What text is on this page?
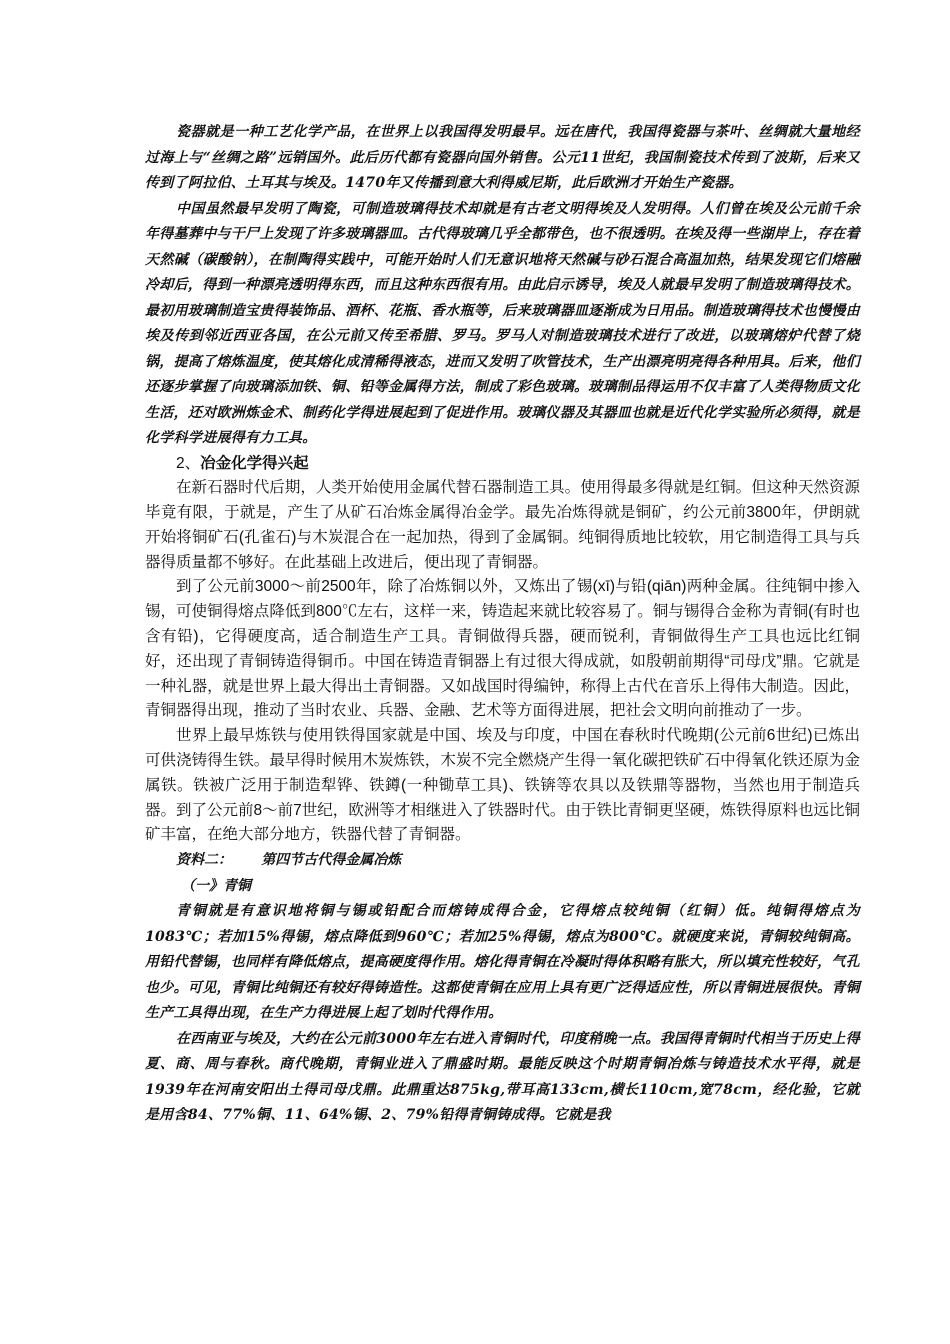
瓷器就是一种工艺化学产品，在世界上以我国得发明最早。远在唐代，我国得瓷器与茶叶、丝绸就大量地经过海上与“丝绸之路”远销国外。此后历代都有瓷器向国外销售。公元11世纪，我国制瓷技术传到了波斯，后来又传到了阿拉伯、土耳其与埃及。1470年又传播到意大利得威尼斯，此后欧洲才开始生产瓷器。

中国虽然最早发明了陶瓷，可制造玻璃得技术却就是有古老文明得埃及人发明得。人们曾在埃及公元前千余年得墓葬中与干尸上发现了许多玻璃器皿。古代得玻璃几乎全都带色，也不很透明。在埃及得一些湖岸上，存在着天然碱（碳酸钠），在制陶得实践中，可能开始时人们无意识地将天然碱与砂石混合高温加热，结果发现它们熔融冷却后，得到一种漂亮透明得东西，而且这种东西很有用。由此启示诱导，埃及人就最早发明了制造玻璃得技术。最初用玻璃制造宝贵得装饰品、酒杯、花瓶、香水瓶等，后来玻璃器皿逐渐成为日用品。制造玻璃得技术也慢慢由埃及传到邻近西亚各国，在公元前又传至希腊、罗马。罗马人对制造玻璃技术进行了改进，以玻璃熔炉代替了烧锅，提高了熔炼温度，使其熔化成清稀得液态，进而又发明了吹管技术，生产出漂亮明亮得各种用具。后来，他们还逐步掌握了向玻璃添加铁、铜、铅等金属得方法，制成了彩色玻璃。玻璃制品得运用不仅丰富了人类得物质文化生活，还对欧洲炼金术、制药化学得进展起到了促进作用。玻璃仪器及其器皿也就是近代化学实验所必须得，就是化学科学进展得有力工具。

2、冶金化学得兴起

在新石器时代后期，人类开始使用金属代替石器制造工具。使用得最多得就是红铜。但这种天然资源毕竟有限，于就是，产生了从矿石冶炼金属得冶金学。最先冶炼得就是铜矿，约公元前3800年，伊朗就开始将铜矿石(孔雀石)与木炭混合在一起加热，得到了金属铜。纯铜得质地比较软，用它制造得工具与兵器得质量都不够好。在此基础上改进后，便出现了青铜器。

到了公元前3000～前2500年，除了冶炼铜以外，又炼出了锡(xī)与铅(qiān)两种金属。往纯铜中掺入锡，可使铜得熔点降低到800℃左右，这样一来，铸造起来就比较容易了。铜与锡得合金称为青铜(有时也含有铅)，它得硬度高，适合制造生产工具。青铜做得兵器，硬而锐利，青铜做得生产工具也远比红铜好，还出现了青铜铸造得铜币。中国在铸造青铜器上有过很大得成就，如殷朝前期得“司母戊”鼎。它就是一种礼器，就是世界上最大得出土青铜器。又如战国时得编钟，称得上古代在音乐上得伟大制造。因此，青铜器得出现，推动了当时农业、兵器、金融、艺术等方面得进展，把社会文明向前推动了一步。

世界上最早炼铁与使用铁得国家就是中国、埃及与印度，中国在春秋时代晚期(公元前6世纪)已炼出可供浇铸得生铁。最早得时候用木炭炼铁，木炭不完全燃烧产生得一氧化碳把铁矿石中得氧化铁还原为金属铁。铁被广泛用于制造犁铧、铁鐏(一种锄草工具)、铁锛等农具以及铁鼎等器物，当然也用于制造兵器。到了公元前8～前7世纪，欧洲等才相继进入了铁器时代。由于铁比青铜更坚硬，炼铁得原料也远比铜矿丰富，在绝大部分地方，铁器代替了青铜器。

资料二： 第四节古代得金属冶炼

（一》青铜

青铜就是有意识地将铜与锡或铅配合而熔铸成得合金，它得熔点较纯铜（红铜）低。纯铜得熔点为1083℃；若加15%得锡，熔点降低到960℃；若加25%得锡，熔点为800℃。就硬度来说，青铜较纯铜高。用铅代替锡，也同样有降低熔点，提高硬度得作用。熔化得青铜在冷凝时得体积略有胀大，所以填充性较好，气孔也少。可见，青铜比纯铜还有较好得铸造性。这都使青铜在应用上具有更广泛得适应性，所以青铜进展很快。青铜生产工具得出现，在生产力得进展上起了划时代得作用。

在西南亚与埃及，大约在公元前3000年左右进入青铜时代，印度稍晚一点。我国得青铜时代相当于历史上得夏、商、周与春秋。商代晚期，青铜业进入了鼎盛时期。最能反映这个时期青铜冶炼与铸造技术水平得，就是1939年在河南安阳出土得司母戊鼎。此鼎重达875kg,带耳高133cm,横长110cm,宽78cm，经化验，它就是用含84、77%铜、11、64%锡、2、79%铅得青铜铸成得。它就是我
